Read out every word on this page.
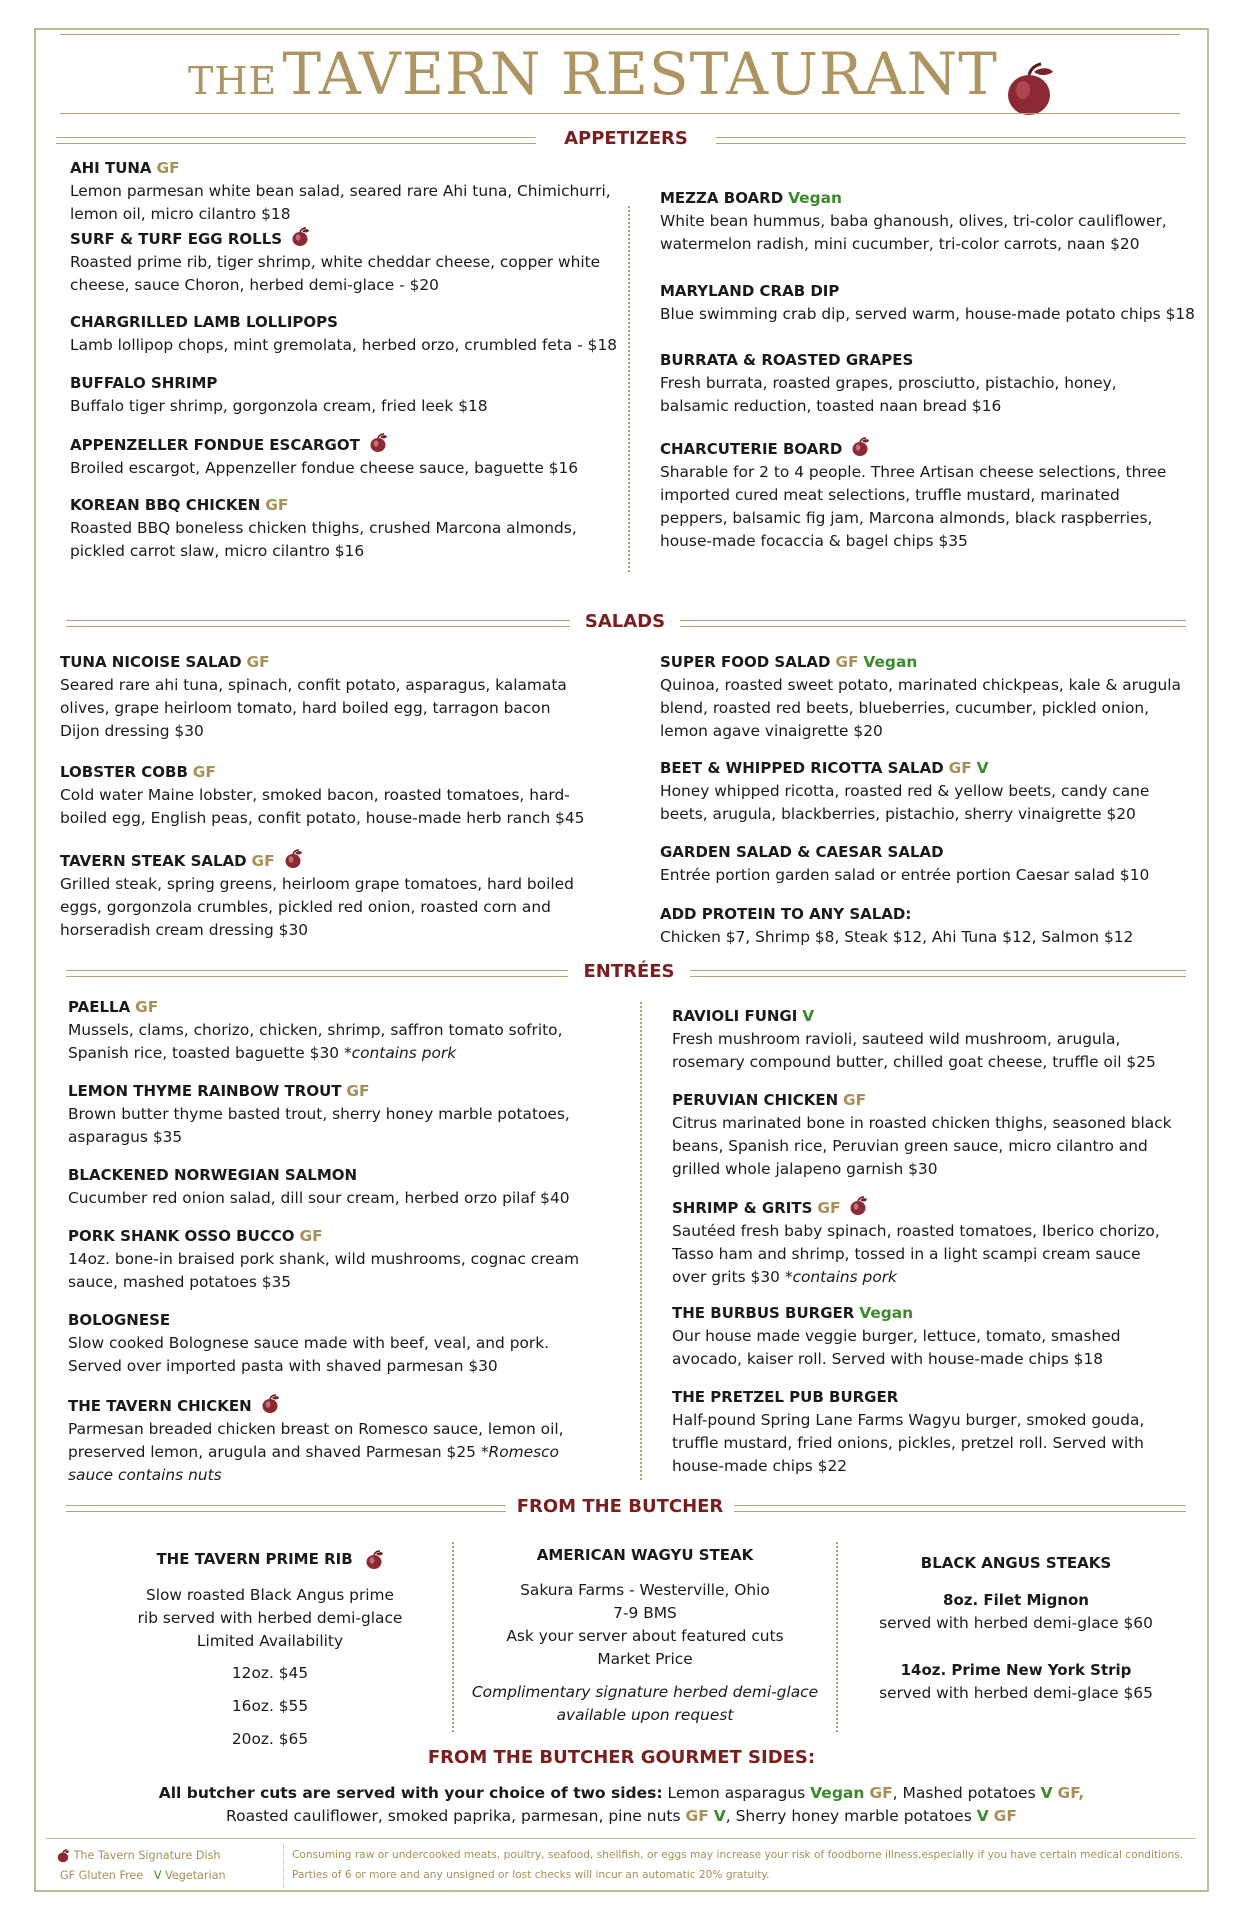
THE TAVERN RESTAURANT
APPETIZERS
AHI TUNA GF
Lemon parmesan white bean salad, seared rare Ahi tuna, Chimichurri,
lemon oil, micro cilantro $18
SURF & TURF EGG ROLLS
Roasted prime rib, tiger shrimp, white cheddar cheese, copper white
cheese, sauce Choron, herbed demi-glace - $20
CHARGRILLED LAMB LOLLIPOPS
Lamb lollipop chops, mint gremolata, herbed orzo, crumbled feta - $18
BUFFALO SHRIMP
Buffalo tiger shrimp, gorgonzola cream, fried leek $18
APPENZELLER FONDUE ESCARGOT
Broiled escargot, Appenzeller fondue cheese sauce, baguette $16
KOREAN BBQ CHICKEN GF
Roasted BBQ boneless chicken thighs, crushed Marcona almonds,
pickled carrot slaw, micro cilantro $16
MEZZA BOARD Vegan
White bean hummus, baba ghanoush, olives, tri-color cauliflower,
watermelon radish, mini cucumber, tri-color carrots, naan $20
MARYLAND CRAB DIP
Blue swimming crab dip, served warm, house-made potato chips $18
BURRATA & ROASTED GRAPES
Fresh burrata, roasted grapes, prosciutto, pistachio, honey,
balsamic reduction, toasted naan bread $16
CHARCUTERIE BOARD
Sharable for 2 to 4 people. Three Artisan cheese selections, three
imported cured meat selections, truffle mustard, marinated
peppers, balsamic fig jam, Marcona almonds, black raspberries,
house-made focaccia & bagel chips $35
SALADS
TUNA NICOISE SALAD GF
Seared rare ahi tuna, spinach, confit potato, asparagus, kalamata
olives, grape heirloom tomato, hard boiled egg, tarragon bacon
Dijon dressing $30
LOBSTER COBB GF
Cold water Maine lobster, smoked bacon, roasted tomatoes, hard-
boiled egg, English peas, confit potato, house-made herb ranch $45
TAVERN STEAK SALAD GF
Grilled steak, spring greens, heirloom grape tomatoes, hard boiled
eggs, gorgonzola crumbles, pickled red onion, roasted corn and
horseradish cream dressing $30
SUPER FOOD SALAD GF Vegan
Quinoa, roasted sweet potato, marinated chickpeas, kale & arugula
blend, roasted red beets, blueberries, cucumber, pickled onion,
lemon agave vinaigrette $20
BEET & WHIPPED RICOTTA SALAD GF V
Honey whipped ricotta, roasted red & yellow beets, candy cane
beets, arugula, blackberries, pistachio, sherry vinaigrette $20
GARDEN SALAD & CAESAR SALAD
Entrée portion garden salad or entrée portion Caesar salad $10
ADD PROTEIN TO ANY SALAD:
Chicken $7, Shrimp $8, Steak $12, Ahi Tuna $12, Salmon $12
ENTRÉES
PAELLA GF
Mussels, clams, chorizo, chicken, shrimp, saffron tomato sofrito,
Spanish rice, toasted baguette $30 *contains pork
LEMON THYME RAINBOW TROUT GF
Brown butter thyme basted trout, sherry honey marble potatoes,
asparagus $35
BLACKENED NORWEGIAN SALMON
Cucumber red onion salad, dill sour cream, herbed orzo pilaf $40
PORK SHANK OSSO BUCCO GF
14oz. bone-in braised pork shank, wild mushrooms, cognac cream
sauce, mashed potatoes $35
BOLOGNESE
Slow cooked Bolognese sauce made with beef, veal, and pork.
Served over imported pasta with shaved parmesan $30
THE TAVERN CHICKEN
Parmesan breaded chicken breast on Romesco sauce, lemon oil,
preserved lemon, arugula and shaved Parmesan $25 *Romesco
sauce contains nuts
RAVIOLI FUNGI V
Fresh mushroom ravioli, sauteed wild mushroom, arugula,
rosemary compound butter, chilled goat cheese, truffle oil $25
PERUVIAN CHICKEN GF
Citrus marinated bone in roasted chicken thighs, seasoned black
beans, Spanish rice, Peruvian green sauce, micro cilantro and
grilled whole jalapeno garnish $30
SHRIMP & GRITS GF
Sautéed fresh baby spinach, roasted tomatoes, Iberico chorizo,
Tasso ham and shrimp, tossed in a light scampi cream sauce
over grits $30 *contains pork
THE BURBUS BURGER Vegan
Our house made veggie burger, lettuce, tomato, smashed
avocado, kaiser roll. Served with house-made chips $18
THE PRETZEL PUB BURGER
Half-pound Spring Lane Farms Wagyu burger, smoked gouda,
truffle mustard, fried onions, pickles, pretzel roll. Served with
house-made chips $22
FROM THE BUTCHER
THE TAVERN PRIME RIB
Slow roasted Black Angus prime
rib served with herbed demi-glace
Limited Availability
12oz. $45
16oz. $55
20oz. $65
AMERICAN WAGYU STEAK
Sakura Farms - Westerville, Ohio
7-9 BMS
Ask your server about featured cuts
Market Price
Complimentary signature herbed demi-glace
available upon request
BLACK ANGUS STEAKS
8oz. Filet Mignon
served with herbed demi-glace $60
14oz. Prime New York Strip
served with herbed demi-glace $65
FROM THE BUTCHER GOURMET SIDES:
All butcher cuts are served with your choice of two sides: Lemon asparagus Vegan GF, Mashed potatoes V GF,
Roasted cauliflower, smoked paprika, parmesan, pine nuts GF V, Sherry honey marble potatoes V GF
The Tavern Signature Dish
GF Gluten Free V Vegetarian
Consuming raw or undercooked meats, poultry, seafood, shellfish, or eggs may increase your risk of foodborne illness,especially if you have certain medical conditions.
Parties of 6 or more and any unsigned or lost checks will incur an automatic 20% gratuity.
